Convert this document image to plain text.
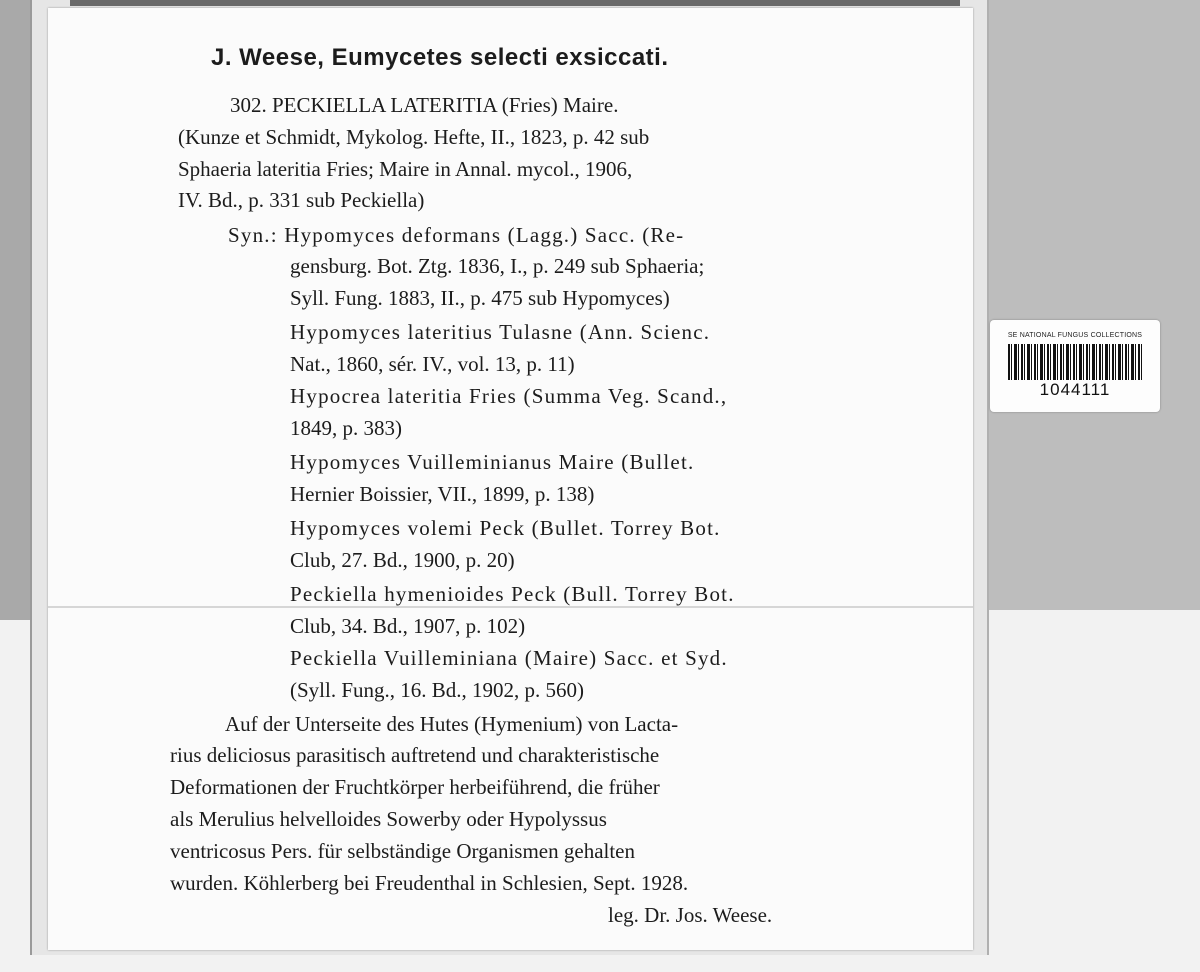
J. Weese, Eumycetes selecti exsiccati.
302. PECKIELLA LATERITIA (Fries) Maire.
(Kunze et Schmidt, Mykolog. Hefte, II., 1823, p. 42 sub
Sphaeria lateritia Fries; Maire in Annal. mycol., 1906,
IV. Bd., p. 331 sub Peckiella)
Syn.: Hypomyces deformans (Lagg.) Sacc. (Re-
gensburg. Bot. Ztg. 1836, I., p. 249 sub Sphaeria;
Syll. Fung. 1883, II., p. 475 sub Hypomyces)
Hypomyces lateritius Tulasne (Ann. Scienc.
Nat., 1860, sér. IV., vol. 13, p. 11)
Hypocrea lateritia Fries (Summa Veg. Scand.,
1849, p. 383)
Hypomyces Vuilleminianus Maire (Bullet.
Hernier Boissier, VII., 1899, p. 138)
Hypomyces volemi Peck (Bullet. Torrey Bot.
Club, 27. Bd., 1900, p. 20)
Peckiella hymenioides Peck (Bull. Torrey Bot.
Club, 34. Bd., 1907, p. 102)
Peckiella Vuilleminiana (Maire) Sacc. et Syd.
(Syll. Fung., 16. Bd., 1902, p. 560)
Auf der Unterseite des Hutes (Hymenium) von Lacta-
rius deliciosus parasitisch auftretend und charakteristische
Deformationen der Fruchtkörper herbeiführend, die früher
als Merulius helvelloides Sowerby oder Hypolyssus
ventricosus Pers. für selbständige Organismen gehalten
wurden. Köhlerberg bei Freudenthal in Schlesien, Sept. 1928.
leg. Dr. Jos. Weese.
SE NATIONAL FUNGUS COLLECTIONS
1044111
